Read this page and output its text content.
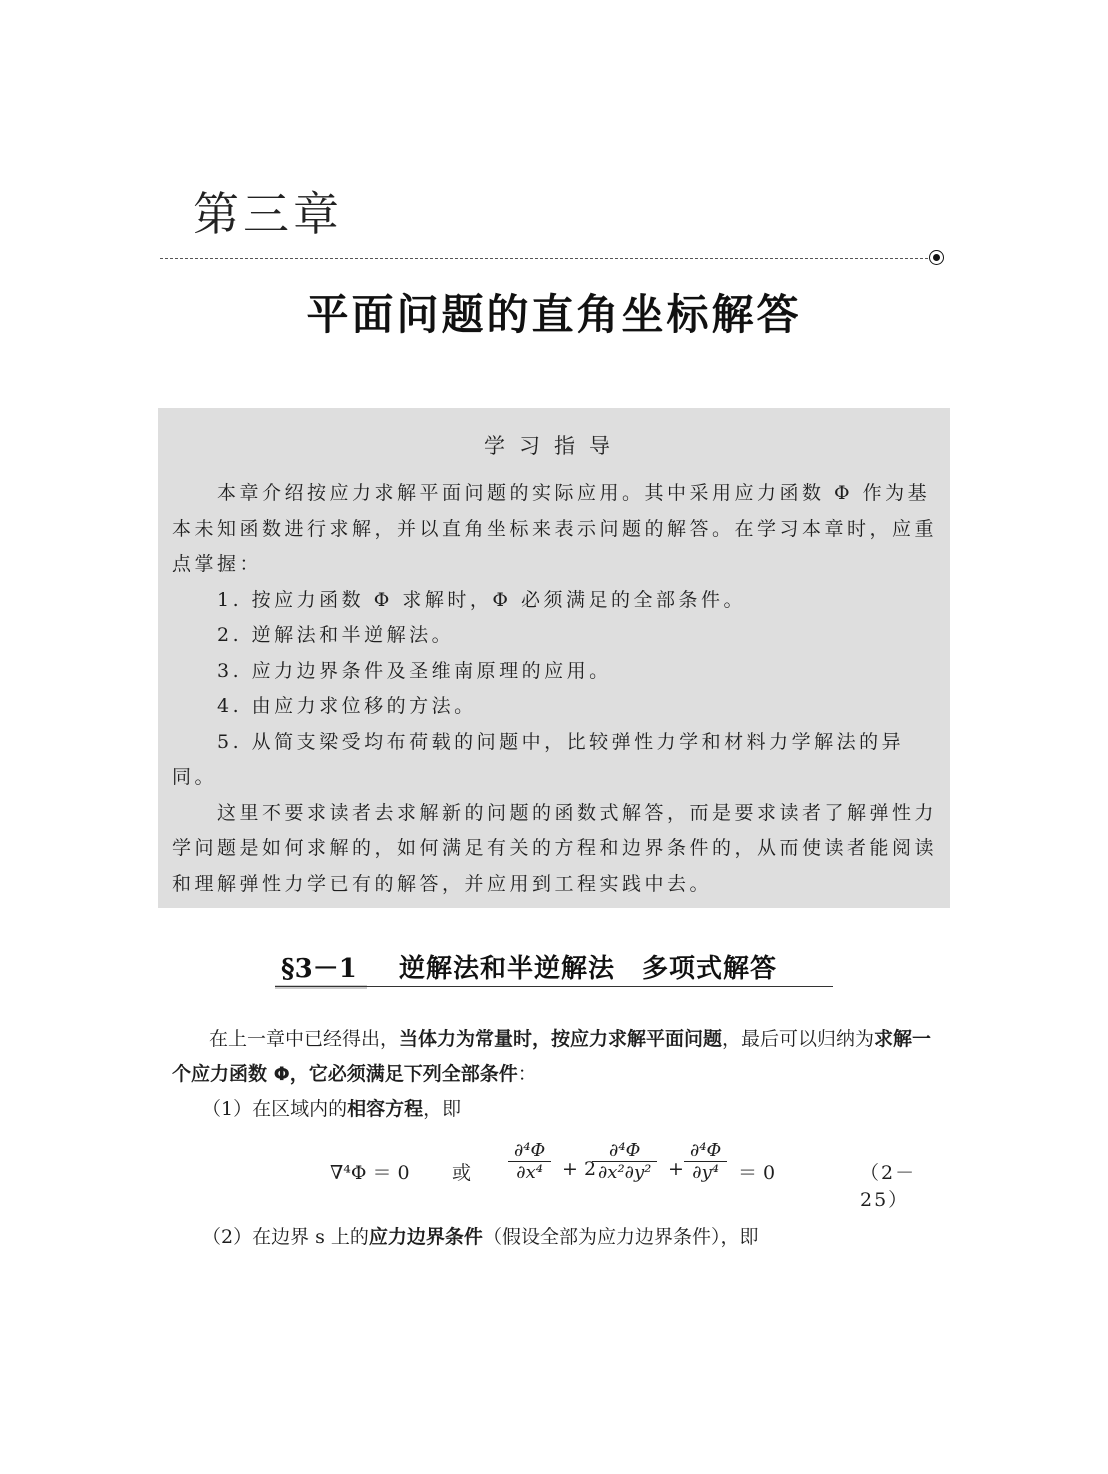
第三章
平面问题的直角坐标解答
学习指导

本章介绍按应力求解平面问题的实际应用。其中采用应力函数 Φ 作为基本未知函数进行求解，并以直角坐标来表示问题的解答。在学习本章时，应重点掌握：

1. 按应力函数 Φ 求解时，Φ 必须满足的全部条件。

2. 逆解法和半逆解法。

3. 应力边界条件及圣维南原理的应用。

4. 由应力求位移的方法。

5. 从简支梁受均布荷载的问题中，比较弹性力学和材料力学解法的异同。

这里不要求读者去求解新的问题的函数式解答，而是要求读者了解弹性力学问题是如何求解的，如何满足有关的方程和边界条件的，从而使读者能阅读和理解弹性力学已有的解答，并应用到工程实践中去。

§3－1 逆解法和半逆解法　多项式解答

在上一章中已经得出，当体力为常量时，按应力求解平面问题，最后可以归纳为求解一个应力函数 Φ，它必须满足下列全部条件：

（1）在区域内的相容方程，即

∇⁴Φ ＝ 0 或 $\frac{\text{∂⁴Φ}}{\text{∂x⁴}} + 2$
$\frac{\text{∂⁴Φ}}{\text{∂x²∂y²}} + \frac{\text{∂⁴Φ}}{\text{∂y⁴}} = 0$	（2－25）

（2）在边界 s 上的应力边界条件（假设全部为应力边界条件），即
